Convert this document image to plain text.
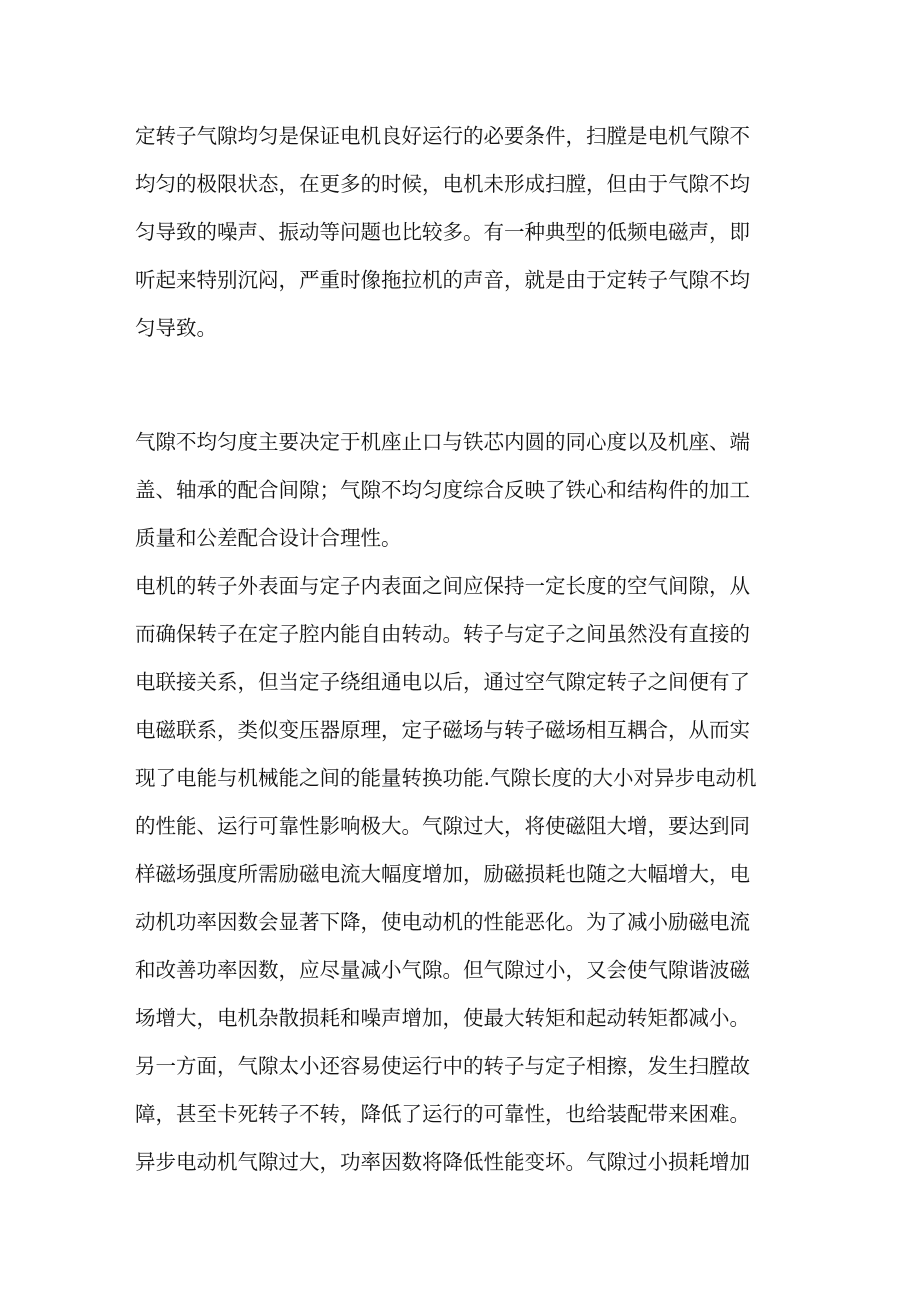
定转子气隙均匀是保证电机良好运行的必要条件，扫膛是电机气隙不
均匀的极限状态，在更多的时候，电机未形成扫膛，但由于气隙不均
匀导致的噪声、振动等问题也比较多。有一种典型的低频电磁声，即
听起来特别沉闷，严重时像拖拉机的声音，就是由于定转子气隙不均
匀导致。
气隙不均匀度主要决定于机座止口与铁芯内圆的同心度以及机座、端
盖、轴承的配合间隙；气隙不均匀度综合反映了铁心和结构件的加工
质量和公差配合设计合理性。
电机的转子外表面与定子内表面之间应保持一定长度的空气间隙，从
而确保转子在定子腔内能自由转动。转子与定子之间虽然没有直接的
电联接关系，但当定子绕组通电以后，通过空气隙定转子之间便有了
电磁联系，类似变压器原理，定子磁场与转子磁场相互耦合，从而实
现了电能与机械能之间的能量转换功能.气隙长度的大小对异步电动机
的性能、运行可靠性影响极大。气隙过大，将使磁阻大增，要达到同
样磁场强度所需励磁电流大幅度增加，励磁损耗也随之大幅增大，电
动机功率因数会显著下降，使电动机的性能恶化。为了减小励磁电流
和改善功率因数，应尽量减小气隙。但气隙过小，又会使气隙谐波磁
场增大，电机杂散损耗和噪声增加，使最大转矩和起动转矩都减小。
另一方面，气隙太小还容易使运行中的转子与定子相擦，发生扫膛故
障，甚至卡死转子不转，降低了运行的可靠性，也给装配带来困难。
异步电动机气隙过大，功率因数将降低性能变坏。气隙过小损耗增加
